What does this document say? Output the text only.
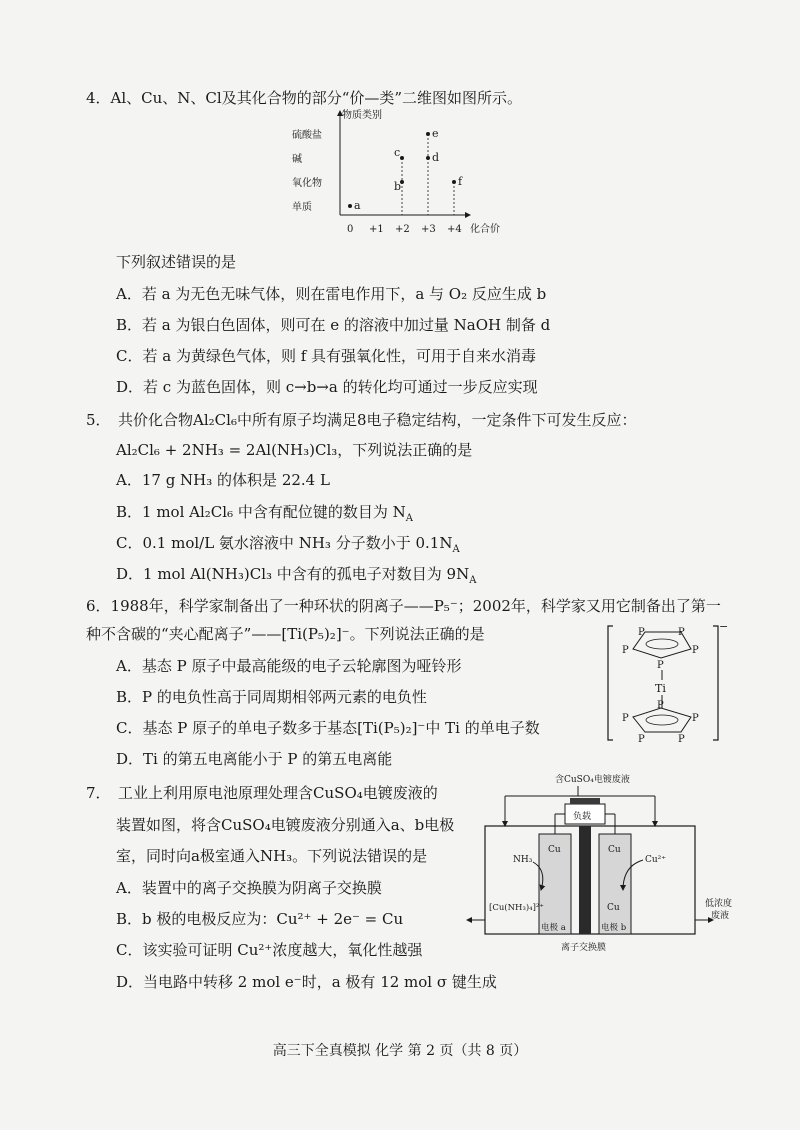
4．Al、Cu、N、Cl及其化合物的部分“价—类”二维图如图所示。
物质类别
化合价
单质
氧化物
碱
硫酸盐
0 +1 +2 +3 +4
a
b
c	d
e
f
下列叙述错误的是
A．若 a 为无色无味气体，则在雷电作用下，a 与 O₂ 反应生成 b
B．若 a 为银白色固体，则可在 e 的溶液中加过量 NaOH 制备 d
C．若 a 为黄绿色气体，则 f 具有强氧化性，可用于自来水消毒
D．若 c 为蓝色固体，则 c→b→a 的转化均可通过一步反应实现
5．　共价化合物Al₂Cl₆中所有原子均满足8电子稳定结构，一定条件下可发生反应：
Al₂Cl₆ + 2NH₃ = 2Al(NH₃)Cl₃，下列说法正确的是
A．17 g NH₃ 的体积是 22.4 L
B．1 mol Al₂Cl₆ 中含有配位键的数目为 $N_A$
C．0.1 mol/L 氨水溶液中 NH₃ 分子数小于 $0.1N_A$
D．1 mol Al(NH₃)Cl₃ 中含有的孤电子对数目为 $9N_A$
6．1988年，科学家制备出了一种环状的阴离子——P₅⁻；2002年，科学家又用它制备出了第一
种不含碳的“夹心配离子”——[Ti(P₅)₂]⁻。下列说法正确的是
A．基态 P 原子中最高能级的电子云轮廓图为哑铃形
B．P 的电负性高于同周期相邻两元素的电负性
C．基态 P 原子的单电子数多于基态[Ti(P₅)₂]⁻中 Ti 的单电子数
D．Ti 的第五电离能小于 P 的第五电离能
−
P	P
P	P
P
Ti
P
P	P
P	P
7．　工业上利用原电池原理处理含CuSO₄电镀废液的
装置如图，将含CuSO₄电镀废液分别通入a、b电极
室，同时向a极室通入NH₃。下列说法错误的是
A．装置中的离子交换膜为阴离子交换膜
B．b 极的电极反应为：Cu²⁺ + 2e⁻ = Cu
C．该实验可证明 Cu²⁺浓度越大，氧化性越强
D．当电路中转移 2 mol e⁻时，a 极有 12 mol σ 键生成
含CuSO₄电镀废液
负载
Cu	Cu
NH₃	Cu²⁺
[Cu(NH₃)₄]²⁺	Cu
电极 a	电极 b
低浓度
废液
离子交换膜
高三下全真模拟 化学 第 2 页（共 8 页）
